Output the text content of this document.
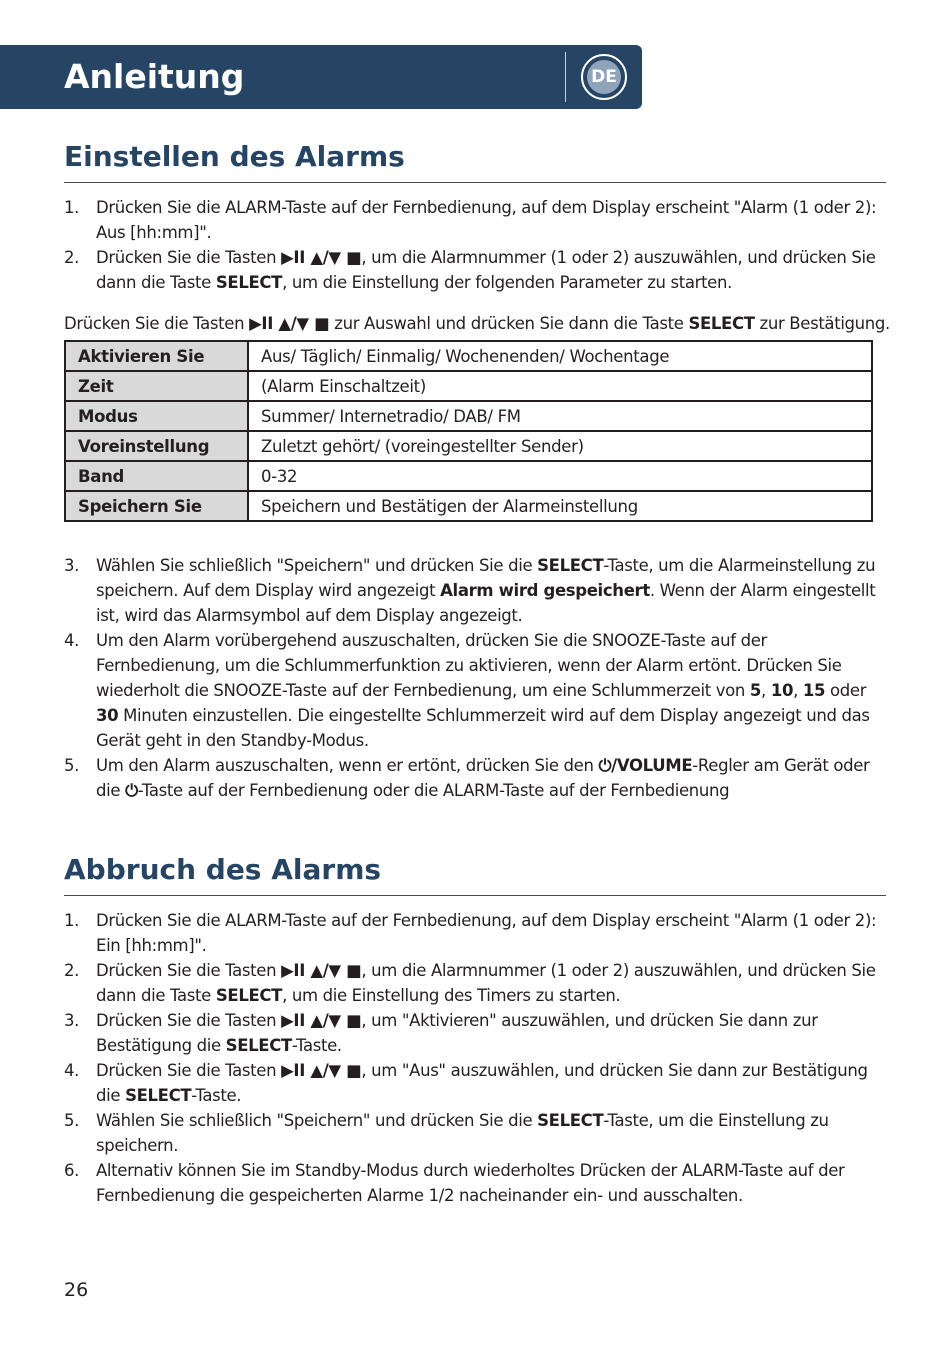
Anleitung	DE
Einstellen des Alarms
1. Drücken Sie die ALARM-Taste auf der Fernbedienung, auf dem Display erscheint "Alarm (1 oder 2):
Aus [hh:mm]".
2. Drücken Sie die Tasten ▶II ▲/▼ ■, um die Alarmnummer (1 oder 2) auszuwählen, und drücken Sie
dann die Taste SELECT, um die Einstellung der folgenden Parameter zu starten.
Drücken Sie die Tasten ▶II ▲/▼ ■ zur Auswahl und drücken Sie dann die Taste SELECT zur Bestätigung.
Aktivieren Sie	Aus/ Täglich/ Einmalig/ Wochenenden/ Wochentage
Zeit	(Alarm Einschaltzeit)
Modus	Summer/ Internetradio/ DAB/ FM
Voreinstellung	Zuletzt gehört/ (voreingestellter Sender)
Band	0-32
Speichern Sie	Speichern und Bestätigen der Alarmeinstellung
3. Wählen Sie schließlich "Speichern" und drücken Sie die SELECT-Taste, um die Alarmeinstellung zu
speichern. Auf dem Display wird angezeigt Alarm wird gespeichert. Wenn der Alarm eingestellt
ist, wird das Alarmsymbol auf dem Display angezeigt.
4. Um den Alarm vorübergehend auszuschalten, drücken Sie die SNOOZE-Taste auf der
Fernbedienung, um die Schlummerfunktion zu aktivieren, wenn der Alarm ertönt. Drücken Sie
wiederholt die SNOOZE-Taste auf der Fernbedienung, um eine Schlummerzeit von 5, 10, 15 oder
30 Minuten einzustellen. Die eingestellte Schlummerzeit wird auf dem Display angezeigt und das
Gerät geht in den Standby-Modus.
5. Um den Alarm auszuschalten, wenn er ertönt, drücken Sie den ⏻/VOLUME-Regler am Gerät oder
die ⏻-Taste auf der Fernbedienung oder die ALARM-Taste auf der Fernbedienung
Abbruch des Alarms
1. Drücken Sie die ALARM-Taste auf der Fernbedienung, auf dem Display erscheint "Alarm (1 oder 2):
Ein [hh:mm]".
2. Drücken Sie die Tasten ▶II ▲/▼ ■, um die Alarmnummer (1 oder 2) auszuwählen, und drücken Sie
dann die Taste SELECT, um die Einstellung des Timers zu starten.
3. Drücken Sie die Tasten ▶II ▲/▼ ■, um "Aktivieren" auszuwählen, und drücken Sie dann zur
Bestätigung die SELECT-Taste.
4. Drücken Sie die Tasten ▶II ▲/▼ ■, um "Aus" auszuwählen, und drücken Sie dann zur Bestätigung
die SELECT-Taste.
5. Wählen Sie schließlich "Speichern" und drücken Sie die SELECT-Taste, um die Einstellung zu
speichern.
6. Alternativ können Sie im Standby-Modus durch wiederholtes Drücken der ALARM-Taste auf der
Fernbedienung die gespeicherten Alarme 1/2 nacheinander ein- und ausschalten.
26
